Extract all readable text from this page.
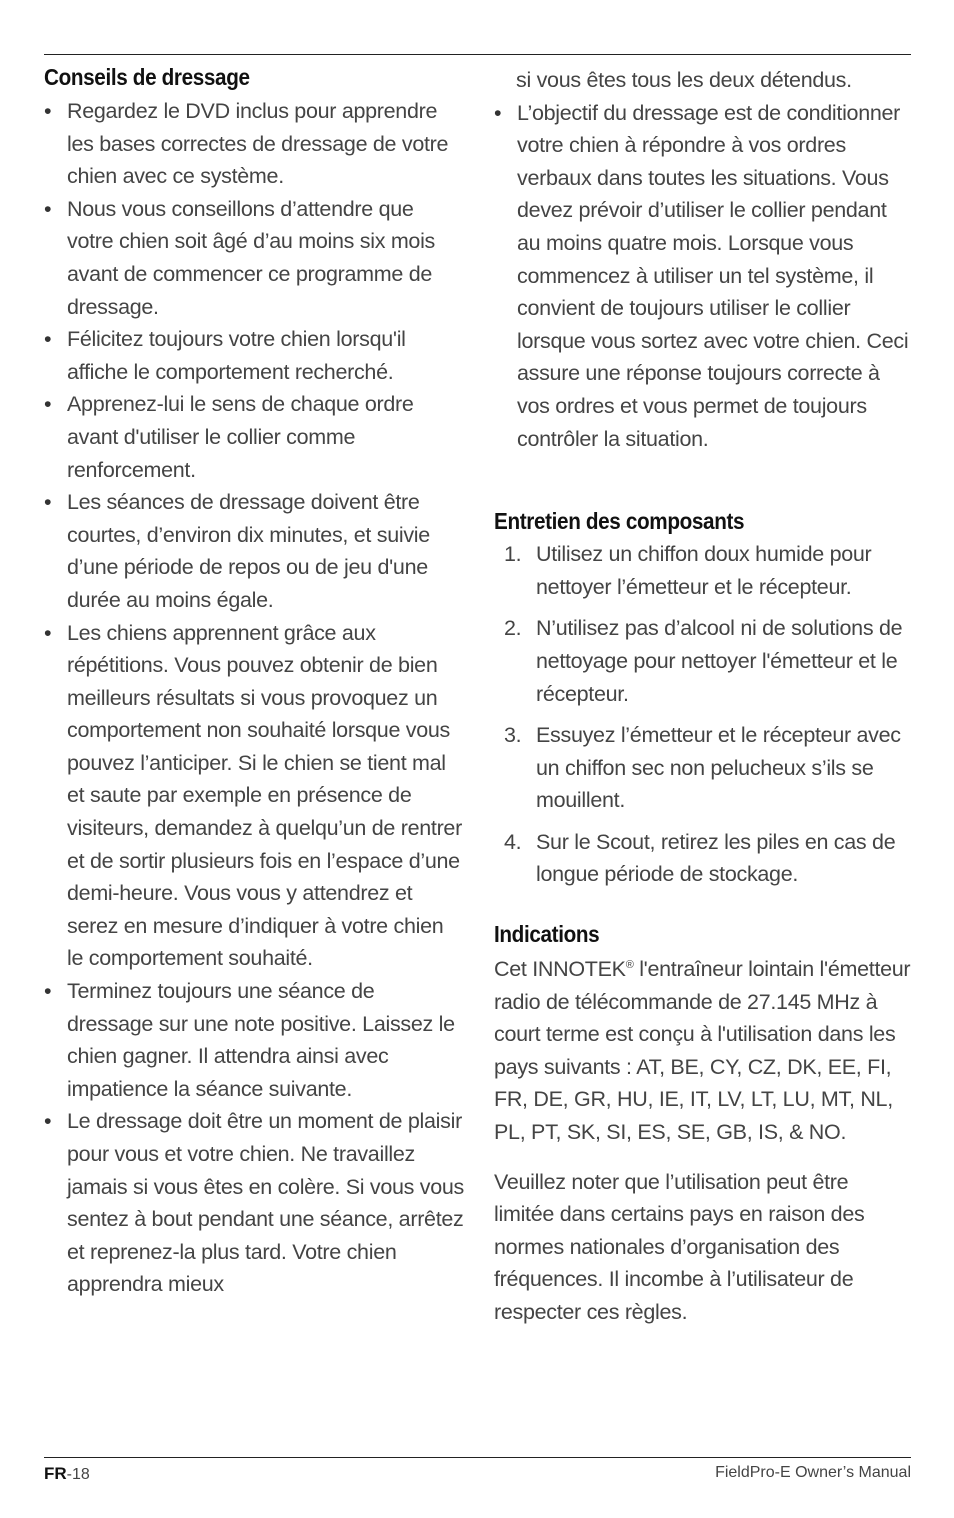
Conseils de dressage
• Regardez le DVD inclus pour apprendre les bases correctes de dressage de votre chien avec ce système.
• Nous vous conseillons d’attendre que votre chien soit âgé d’au moins six mois avant de commencer ce programme de dressage.
• Félicitez toujours votre chien lorsqu'il affiche le comportement recherché.
• Apprenez-lui le sens de chaque ordre avant d'utiliser le collier comme renforcement.
• Les séances de dressage doivent être courtes, d’environ dix minutes, et suivie d’une période de repos ou de jeu d'une durée au moins égale.
• Les chiens apprennent grâce aux répétitions. Vous pouvez obtenir de bien meilleurs résultats si vous provoquez un comportement non souhaité lorsque vous pouvez l’anticiper. Si le chien se tient mal et saute par exemple en présence de visiteurs, demandez à quelqu’un de rentrer et de sortir plusieurs fois en l’espace d’une demi-heure. Vous vous y attendrez et serez en mesure d’indiquer à votre chien le comportement souhaité.
• Terminez toujours une séance de dressage sur une note positive. Laissez le chien gagner. Il attendra ainsi avec impatience la séance suivante.
• Le dressage doit être un moment de plaisir pour vous et votre chien. Ne travaillez jamais si vous êtes en colère. Si vous vous sentez à bout pendant une séance, arrêtez et reprenez-la plus tard. Votre chien apprendra mieux
si vous êtes tous les deux détendus.
• L’objectif du dressage est de conditionner votre chien à répondre à vos ordres verbaux dans toutes les situations. Vous devez prévoir d’utiliser le collier pendant au moins quatre mois. Lorsque vous commencez à utiliser un tel système, il convient de toujours utiliser le collier lorsque vous sortez avec votre chien. Ceci assure une réponse toujours correcte à vos ordres et vous permet de toujours contrôler la situation.
Entretien des composants
1. Utilisez un chiffon doux humide pour nettoyer l’émetteur et le récepteur.
2. N’utilisez pas d’alcool ni de solutions de nettoyage pour nettoyer l'émetteur et le récepteur.
3. Essuyez l’émetteur et le récepteur avec un chiffon sec non pelucheux s’ils se mouillent.
4. Sur le Scout, retirez les piles en cas de longue période de stockage.
Indications

Cet INNOTEK® l'entraîneur lointain l'émetteur radio de télécommande de 27.145 MHz à court terme est conçu à l'utilisation dans les pays suivants : AT, BE, CY, CZ, DK, EE, FI, FR, DE, GR, HU, IE, IT, LV, LT, LU, MT, NL, PL, PT, SK, SI, ES, SE, GB, IS, & NO.

Veuillez noter que l’utilisation peut être limitée dans certains pays en raison des normes nationales d’organisation des fréquences. Il incombe à l’utilisateur de respecter ces règles.

FR-18	FieldPro-E Owner’s Manual
